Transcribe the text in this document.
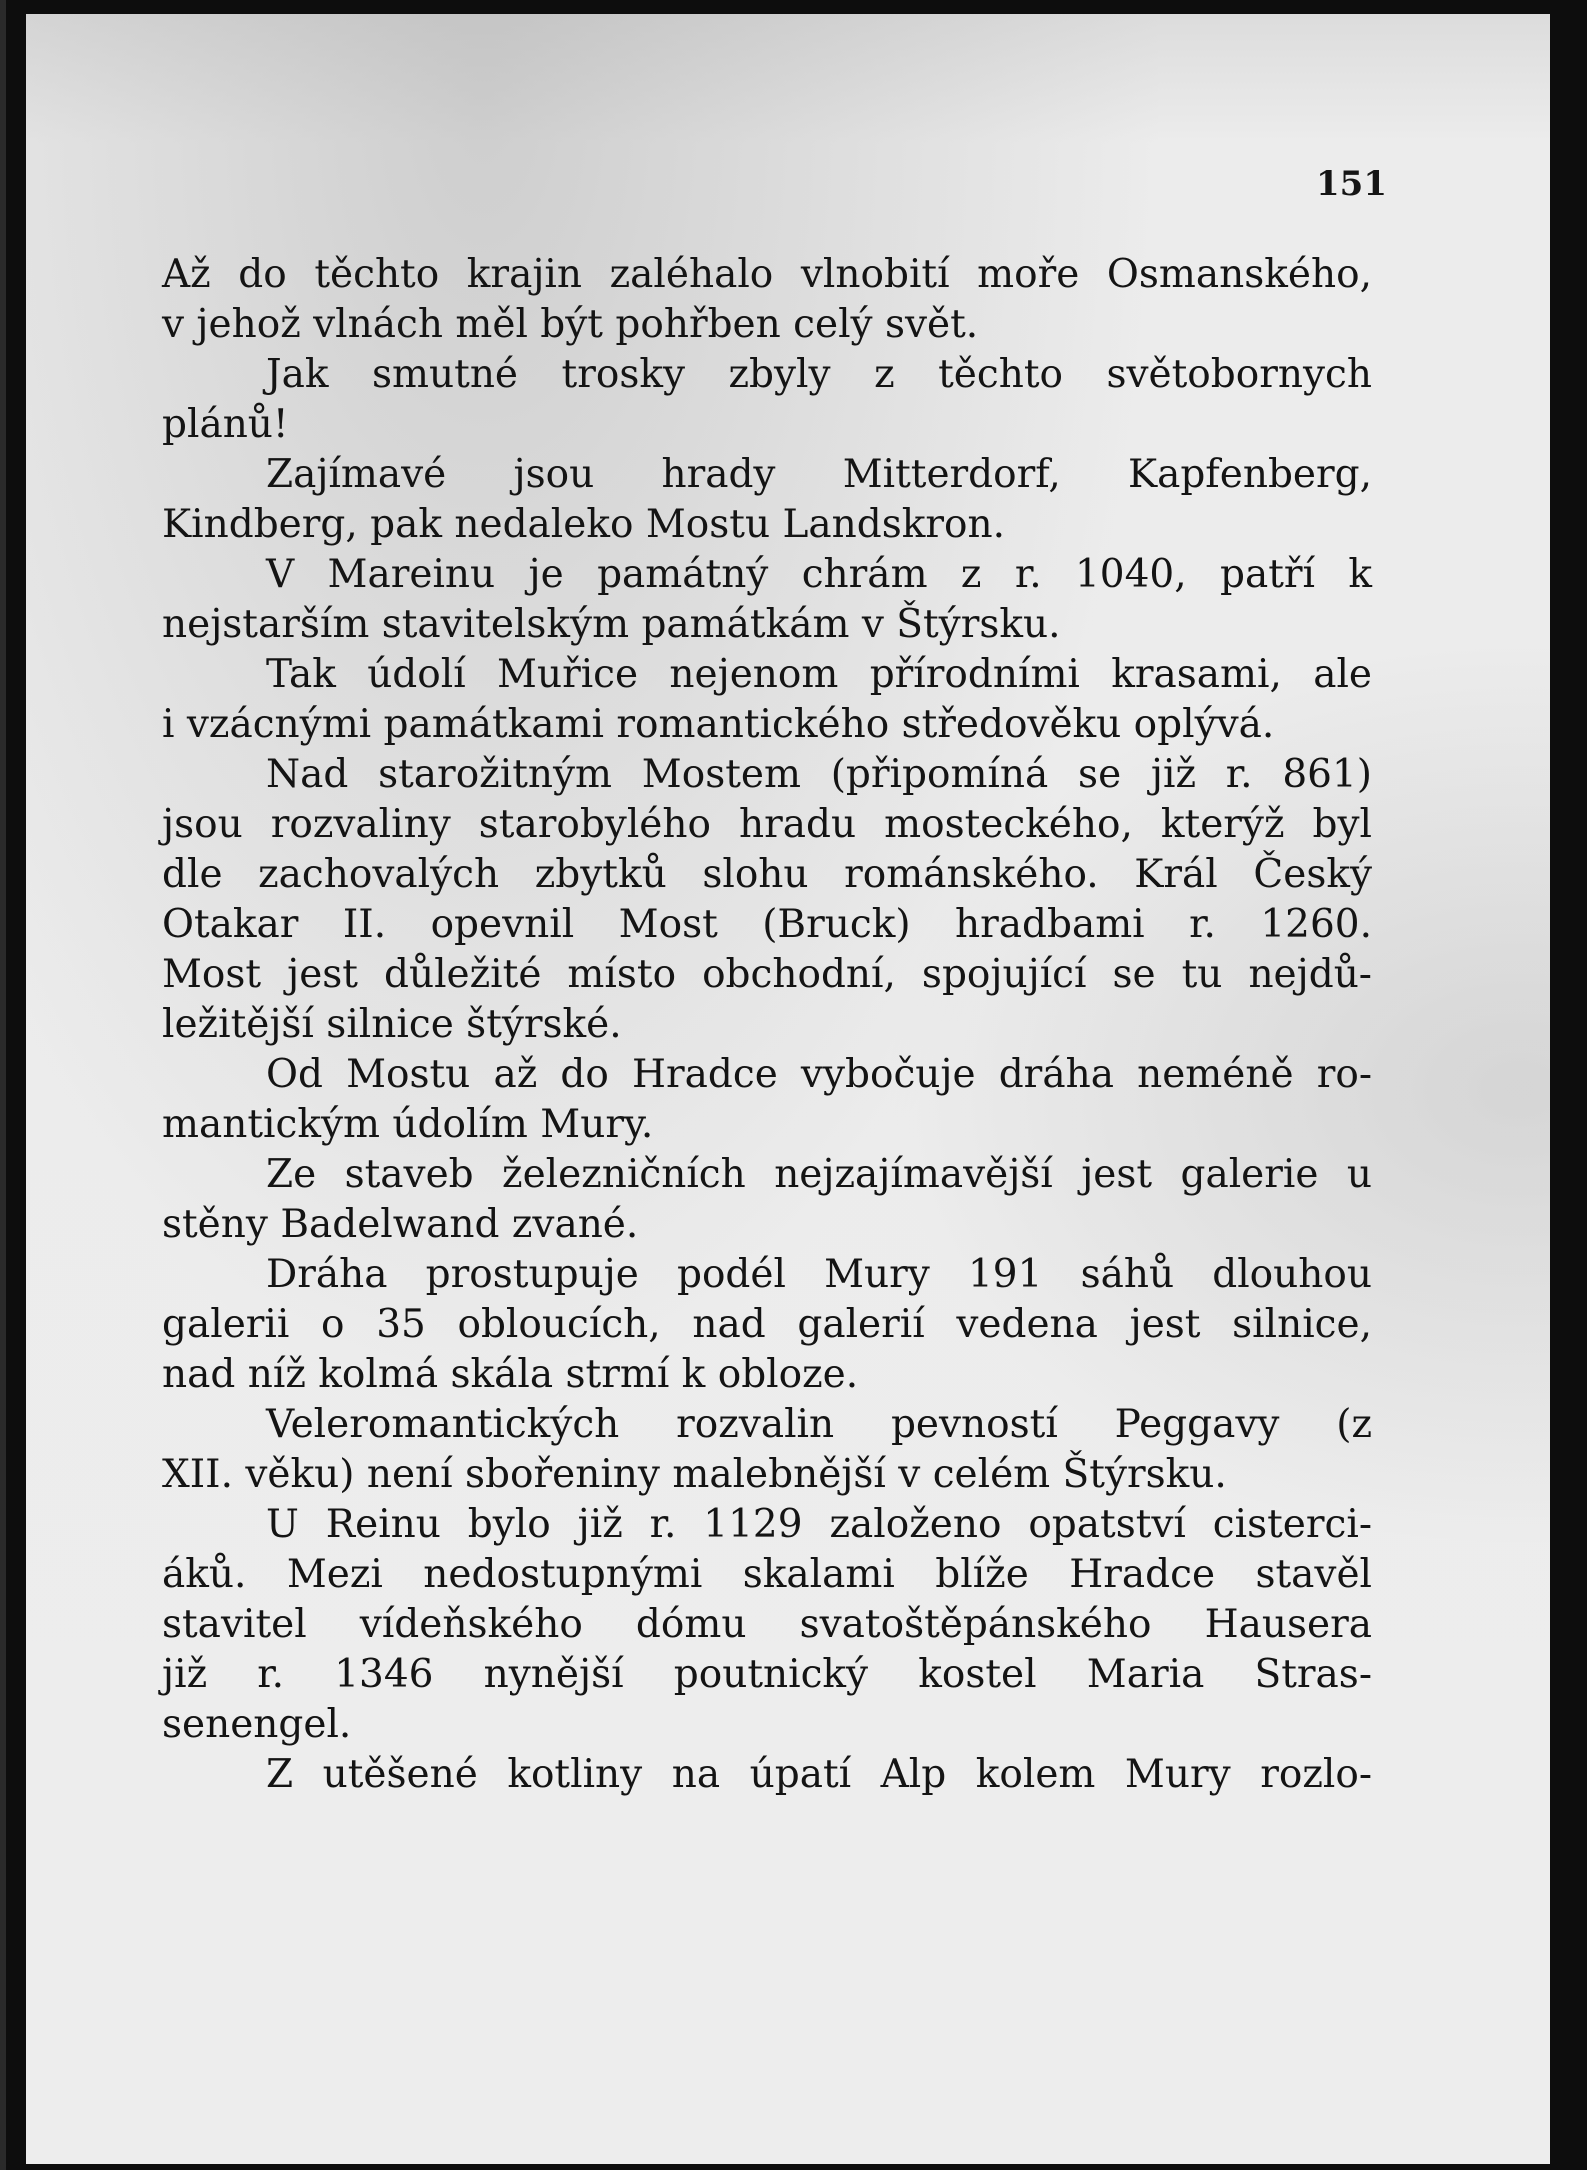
151

Až do těchto krajin zaléhalo vlnobití moře Osmanského,
v jehož vlnách měl být pohřben celý svět.
Jak smutné trosky zbyly z těchto světobornych
plánů!
Zajímavé jsou hrady Mitterdorf, Kapfenberg,
Kindberg, pak nedaleko Mostu Landskron.
V Mareinu je památný chrám z r. 1040, patří k
nejstarším stavitelským památkám v Štýrsku.
Tak údolí Muřice nejenom přírodními krasami, ale
i vzácnými památkami romantického středověku oplývá.
Nad starožitným Mostem (připomíná se již r. 861)
jsou rozvaliny starobylého hradu mosteckého, kterýž byl
dle zachovalých zbytků slohu románského. Král Český
Otakar II. opevnil Most (Bruck) hradbami r. 1260.
Most jest důležité místo obchodní, spojující se tu nejdů-
ležitější silnice štýrské.
Od Mostu až do Hradce vybočuje dráha neméně ro-
mantickým údolím Mury.
Ze staveb železničních nejzajímavější jest galerie u
stěny Badelwand zvané.
Dráha prostupuje podél Mury 191 sáhů dlouhou
galerii o 35 obloucích, nad galerií vedena jest silnice,
nad níž kolmá skála strmí k obloze.
Veleromantických rozvalin pevností Peggavy (z
XII. věku) není sbořeniny malebnější v celém Štýrsku.
U Reinu bylo již r. 1129 založeno opatství cisterci-
áků. Mezi nedostupnými skalami blíže Hradce stavěl
stavitel vídeňského dómu svatoštěpánského Hausera
již r. 1346 nynější poutnický kostel Maria Stras-
senengel.
Z utěšené kotliny na úpatí Alp kolem Mury rozlo-
